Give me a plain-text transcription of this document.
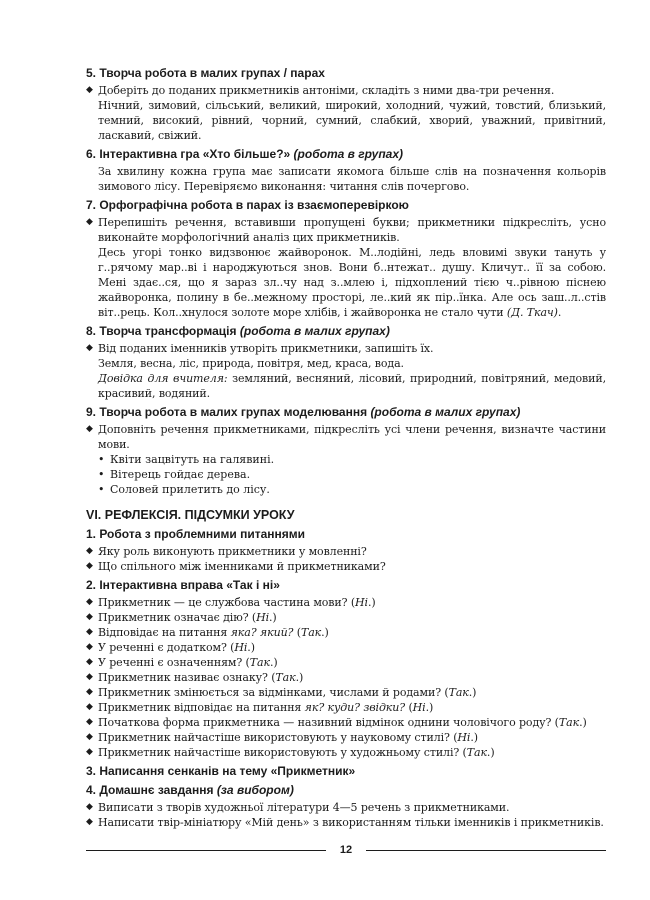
5. Творча робота в малих групах / парах
◆ Доберіть до поданих прикметників антоніми, складіть з ними два-три речення.
Нічний, зимовий, сільський, великий, широкий, холодний, чужий, товстий, близький, темний, високий, рівний, чорний, сумний, слабкий, хворий, уважний, привітний, ласкавий, свіжий.
6. Інтерактивна гра «Хто більше?» (робота в групах)
За хвилину кожна група має записати якомога більше слів на позначення кольорів зимового лісу. Перевіряємо виконання: читання слів почергово.
7. Орфографічна робота в парах із взаємоперевіркою
◆ Перепишіть речення, вставивши пропущені букви; прикметники підкресліть, усно виконайте морфологічний аналіз цих прикметників.
Десь угорі тонко видзвонює жайворонок. М..лодійні, ледь вловимі звуки тануть у г..рячому мар..ві і народжуються знов. Вони б..нтежат.. душу. Кличут.. її за собою. Мені здає..ся, що я зараз зл..чу над з..млею і, підхоплений тією ч..рівною піснею жайворонка, полину в бе..межному просторі, ле..кий як пір..їнка. Але ось заш..л..стів віт..рець. Кол..хнулося золоте море хлібів, і жайворонка не стало чути (Д. Ткач).
8. Творча трансформація (робота в малих групах)
◆ Від поданих іменників утворіть прикметники, запишіть їх.
Земля, весна, ліс, природа, повітря, мед, краса, вода.
Довідка для вчителя: земляний, весняний, лісовий, природний, повітряний, медовий, красивий, водяний.
9. Творча робота в малих групах моделювання (робота в малих групах)
◆ Доповніть речення прикметниками, підкресліть усі члени речення, визначте частини мови.
• Квіти зацвітуть на галявині.
• Вітерець гойдає дерева.
• Соловей прилетить до лісу.
VI. РЕФЛЕКСІЯ. ПІДСУМКИ УРОКУ
1. Робота з проблемними питаннями
◆ Яку роль виконують прикметники у мовленні?
◆ Що спільного між іменниками й прикметниками?
2. Інтерактивна вправа «Так і ні»
◆ Прикметник — це службова частина мови? (Ні.)
◆ Прикметник означає дію? (Ні.)
◆ Відповідає на питання яка? який? (Так.)
◆ У реченні є додатком? (Ні.)
◆ У реченні є означенням? (Так.)
◆ Прикметник називає ознаку? (Так.)
◆ Прикметник змінюється за відмінками, числами й родами? (Так.)
◆ Прикметник відповідає на питання як? куди? звідки? (Ні.)
◆ Початкова форма прикметника — називний відмінок однини чоловічого роду? (Так.)
◆ Прикметник найчастіше використовують у науковому стилі? (Ні.)
◆ Прикметник найчастіше використовують у художньому стилі? (Так.)
3. Написання сенканів на тему «Прикметник»
4. Домашнє завдання (за вибором)
◆ Виписати з творів художньої літератури 4—5 речень з прикметниками.
◆ Написати твір-мініатюру «Мій день» з використанням тільки іменників і прикметників.
12
